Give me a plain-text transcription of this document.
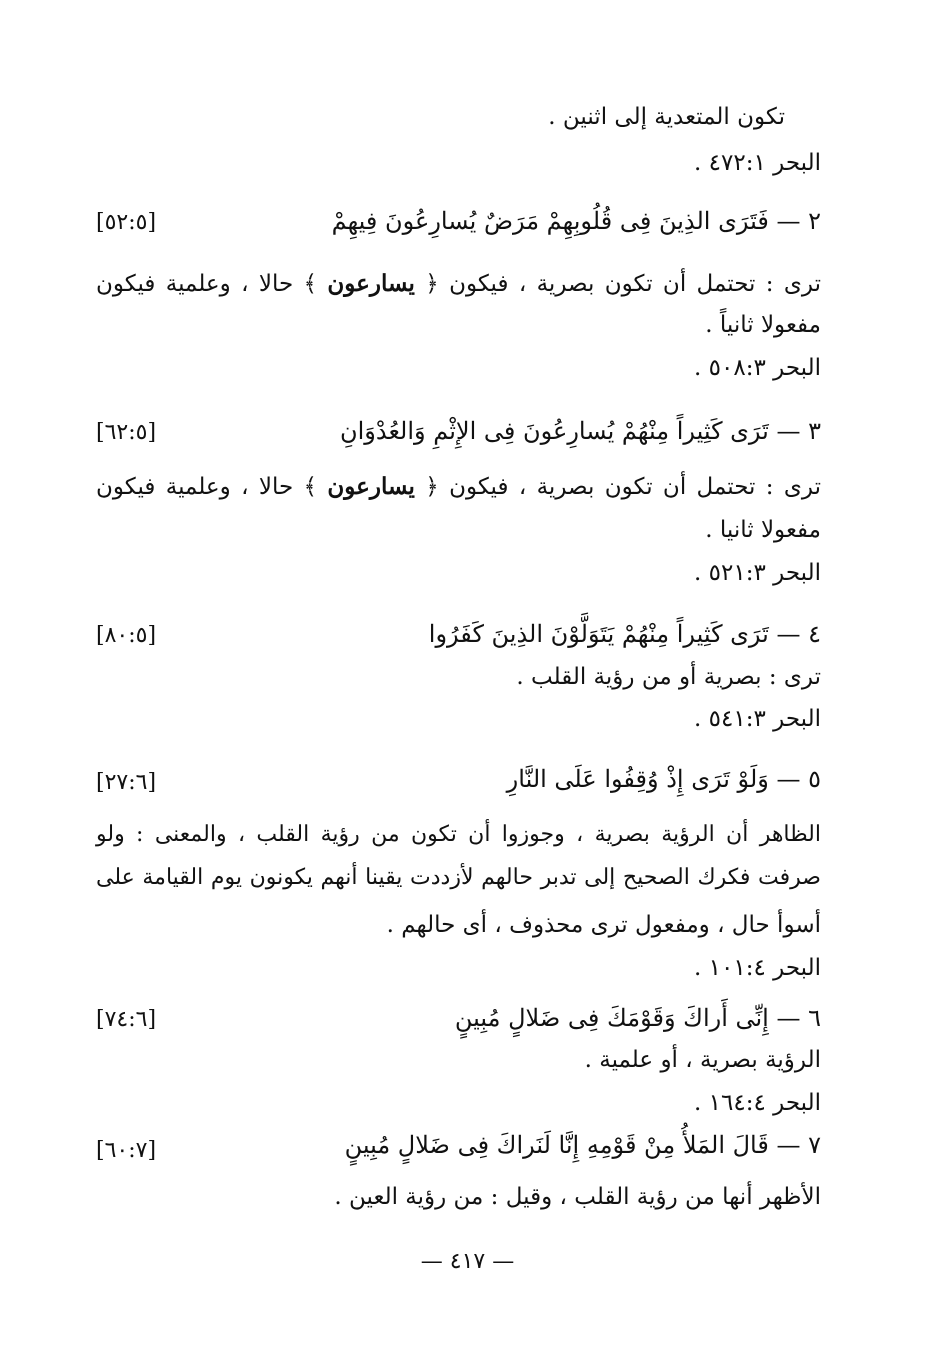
تكون المتعدية إلى اثنين .
البحر ٤٧٢:١ .
٢ — فَتَرَى الذِينَ فِى قُلُوبِهِمْ مَرَضٌ يُسارِعُونَ فِيهِمْ
[٥٢:٥]
ترى : تحتمل أن تكون بصرية ، فيكون ﴿ يسارعون ﴾ حالا ، وعلمية فيكون
مفعولا ثانياً .
البحر ٥٠٨:٣ .
٣ — تَرَى كَثِيراً مِنْهُمْ يُسارِعُونَ فِى الإِثْمِ وَالعُدْوَانِ
[٦٢:٥]
ترى : تحتمل أن تكون بصرية ، فيكون ﴿ يسارعون ﴾ حالا ، وعلمية فيكون
مفعولا ثانيا .
البحر ٥٢١:٣ .
٤ — تَرَى كَثِيراً مِنْهُمْ يَتَوَلَّوْنَ الذِينَ كَفَرُوا
[٨٠:٥]
ترى : بصرية أو من رؤية القلب .
البحر ٥٤١:٣ .
٥ — وَلَوْ تَرَى إِذْ وُقِفُوا عَلَى النَّارِ
[٢٧:٦]
الظاهر أن الرؤية بصرية ، وجوزوا أن تكون من رؤية القلب ، والمعنى : ولو
صرفت فكرك الصحيح إلى تدبر حالهم لأزددت يقينا أنهم يكونون يوم القيامة على
أسوأ حال ، ومفعول ترى محذوف ، أى حالهم .
البحر ١٠١:٤ .
٦ — إِنِّى أَراكَ وَقَوْمَكَ فِى ضَلالٍ مُبِينٍ
[٧٤:٦]
الرؤية بصرية ، أو علمية .
البحر ١٦٤:٤ .
٧ — قَالَ المَلأُ مِنْ قَوْمِهِ إِنَّا لَنَراكَ فِى ضَلالٍ مُبِينٍ
[٦٠:٧]
الأظهر أنها من رؤية القلب ، وقيل : من رؤية العين .
— ٤١٧ —
